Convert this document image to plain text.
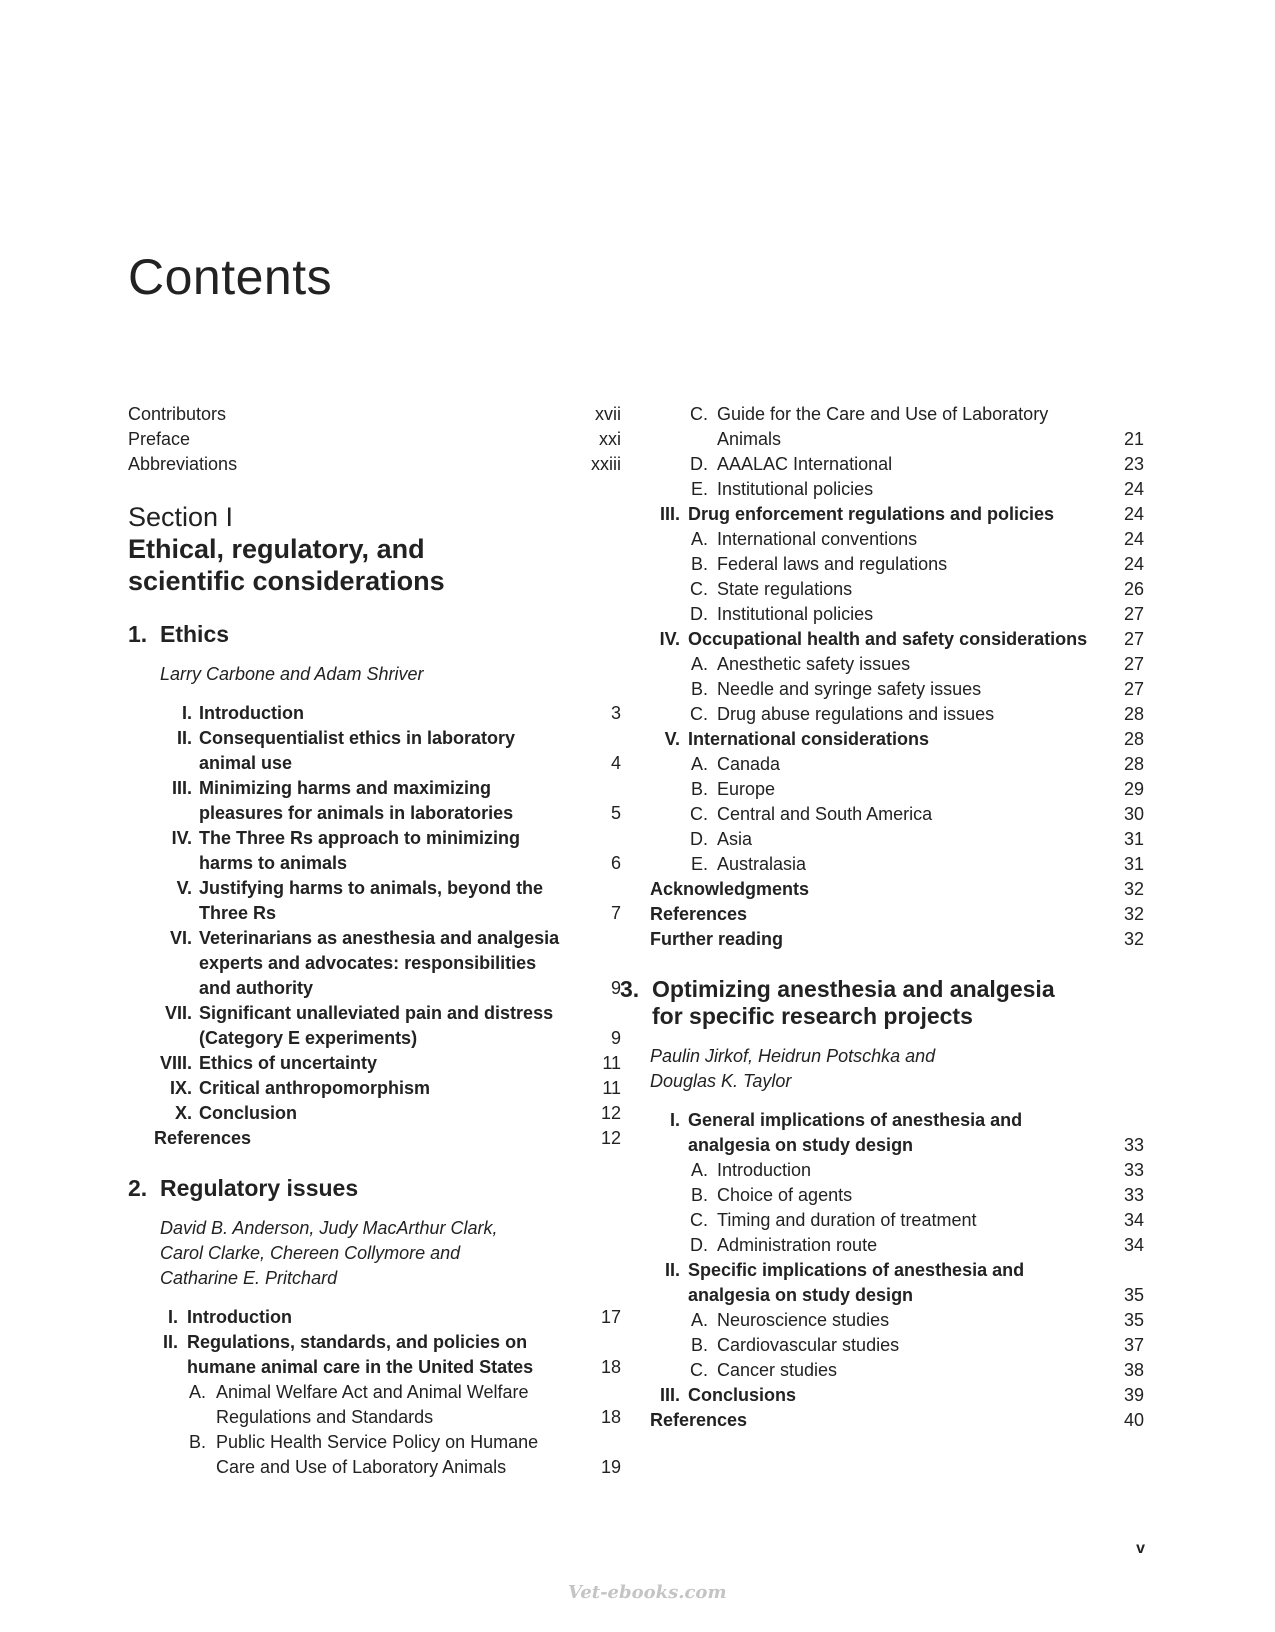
Contents
Contributors	xvii
Preface	xxi
Abbreviations	xxiii
Section I
Ethical, regulatory, and
scientific considerations
1. Ethics
Larry Carbone and Adam Shriver
I. Introduction	3
II. Consequentialist ethics in laboratory animal use	4
III. Minimizing harms and maximizing pleasures for animals in laboratories	5
IV. The Three Rs approach to minimizing harms to animals	6
V. Justifying harms to animals, beyond the Three Rs	7
VI. Veterinarians as anesthesia and analgesia experts and advocates: responsibilities and authority	9
VII. Significant unalleviated pain and distress (Category E experiments)	9
VIII. Ethics of uncertainty	11
IX. Critical anthropomorphism	11
X. Conclusion	12
References	12
2. Regulatory issues
David B. Anderson, Judy MacArthur Clark,
Carol Clarke, Chereen Collymore and
Catharine E. Pritchard
I. Introduction	17
II. Regulations, standards, and policies on humane animal care in the United States	18
A. Animal Welfare Act and Animal Welfare Regulations and Standards	18
B. Public Health Service Policy on Humane Care and Use of Laboratory Animals	19
C. Guide for the Care and Use of Laboratory Animals	21
D. AAALAC International	23
E. Institutional policies	24
III. Drug enforcement regulations and policies	24
A. International conventions	24
B. Federal laws and regulations	24
C. State regulations	26
D. Institutional policies	27
IV. Occupational health and safety considerations	27
A. Anesthetic safety issues	27
B. Needle and syringe safety issues	27
C. Drug abuse regulations and issues	28
V. International considerations	28
A. Canada	28
B. Europe	29
C. Central and South America	30
D. Asia	31
E. Australasia	31
Acknowledgments	32
References	32
Further reading	32
3. Optimizing anesthesia and analgesia
for specific research projects
Paulin Jirkof, Heidrun Potschka and
Douglas K. Taylor
I. General implications of anesthesia and analgesia on study design	33
A. Introduction	33
B. Choice of agents	33
C. Timing and duration of treatment	34
D. Administration route	34
II. Specific implications of anesthesia and analgesia on study design	35
A. Neuroscience studies	35
B. Cardiovascular studies	37
C. Cancer studies	38
III. Conclusions	39
References	40
v
Vet-ebooks.com
